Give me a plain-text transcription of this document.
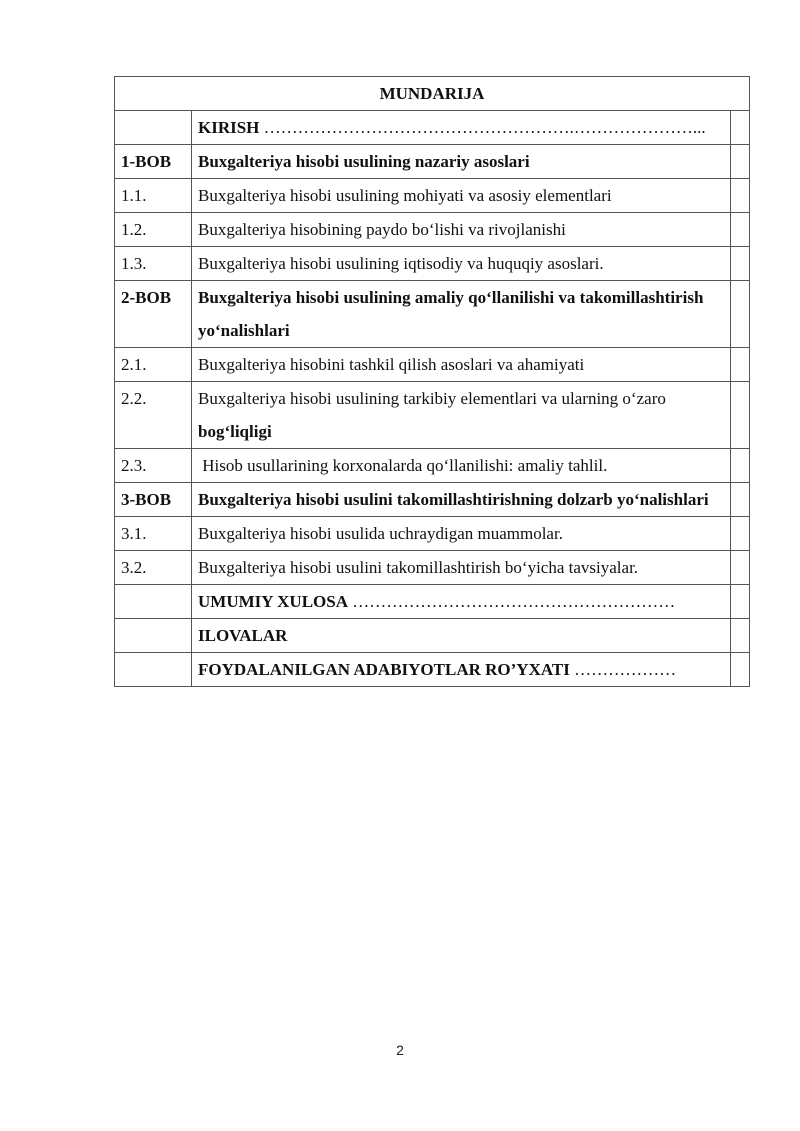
MUNDARIJA		
	KIRISH ……………………………………………….…………………...	
1-BOB	Buxgalteriya hisobi usulining nazariy asoslari	
1.1.	Buxgalteriya hisobi usulining mohiyati va asosiy elementlari	
1.2.	Buxgalteriya hisobining paydo bo‘lishi va rivojlanishi	
1.3.	Buxgalteriya hisobi usulining iqtisodiy va huquqiy asoslari.	
2-BOB	Buxgalteriya hisobi usulining amaliy qo‘llanilishi va takomillashtirish yo‘nalishlari	
2.1.	Buxgalteriya hisobini tashkil qilish asoslari va ahamiyati	
2.2.	Buxgalteriya hisobi usulining tarkibiy elementlari va ularning o‘zaro
bog‘liqligi	
2.3.	Hisob usullarining korxonalarda qo‘llanilishi: amaliy tahlil.	
3-BOB	Buxgalteriya hisobi usulini takomillashtirishning dolzarb yo‘nalishlari	
3.1.	Buxgalteriya hisobi usulida uchraydigan muammolar.	
3.2.	Buxgalteriya hisobi usulini takomillashtirish bo‘yicha tavsiyalar.	
	UMUMIY XULOSA …………………………………………………	
	ILOVALAR	
	FOYDALANILGAN ADABIYOTLAR RO’YXATI ………………	
2
